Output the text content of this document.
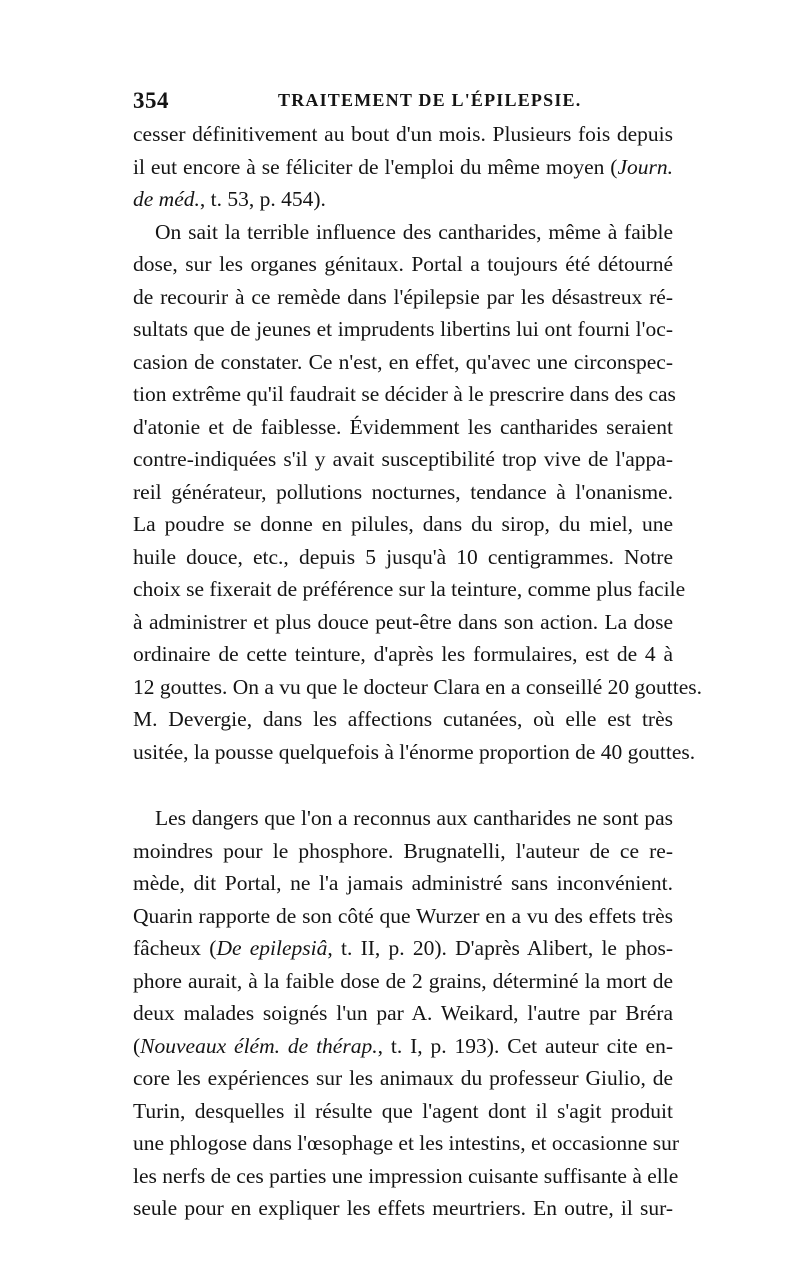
354	TRAITEMENT DE L'ÉPILEPSIE.
cesser définitivement au bout d'un mois. Plusieurs fois depuis
il eut encore à se féliciter de l'emploi du même moyen (Journ.
de méd., t. 53, p. 454).
On sait la terrible influence des cantharides, même à faible
dose, sur les organes génitaux. Portal a toujours été détourné
de recourir à ce remède dans l'épilepsie par les désastreux ré-
sultats que de jeunes et imprudents libertins lui ont fourni l'oc-
casion de constater. Ce n'est, en effet, qu'avec une circonspec-
tion extrême qu'il faudrait se décider à le prescrire dans des cas
d'atonie et de faiblesse. Évidemment les cantharides seraient
contre-indiquées s'il y avait susceptibilité trop vive de l'appa-
reil générateur, pollutions nocturnes, tendance à l'onanisme.
La poudre se donne en pilules, dans du sirop, du miel, une
huile douce, etc., depuis 5 jusqu'à 10 centigrammes. Notre
choix se fixerait de préférence sur la teinture, comme plus facile
à administrer et plus douce peut-être dans son action. La dose
ordinaire de cette teinture, d'après les formulaires, est de 4 à
12 gouttes. On a vu que le docteur Clara en a conseillé 20 gouttes.
M. Devergie, dans les affections cutanées, où elle est très
usitée, la pousse quelquefois à l'énorme proportion de 40 gouttes.
Les dangers que l'on a reconnus aux cantharides ne sont pas
moindres pour le phosphore. Brugnatelli, l'auteur de ce re-
mède, dit Portal, ne l'a jamais administré sans inconvénient.
Quarin rapporte de son côté que Wurzer en a vu des effets très
fâcheux (De epilepsiâ, t. II, p. 20). D'après Alibert, le phos-
phore aurait, à la faible dose de 2 grains, déterminé la mort de
deux malades soignés l'un par A. Weikard, l'autre par Bréra
(Nouveaux élém. de thérap., t. I, p. 193). Cet auteur cite en-
core les expériences sur les animaux du professeur Giulio, de
Turin, desquelles il résulte que l'agent dont il s'agit produit
une phlogose dans l'œsophage et les intestins, et occasionne sur
les nerfs de ces parties une impression cuisante suffisante à elle
seule pour en expliquer les effets meurtriers. En outre, il sur-
